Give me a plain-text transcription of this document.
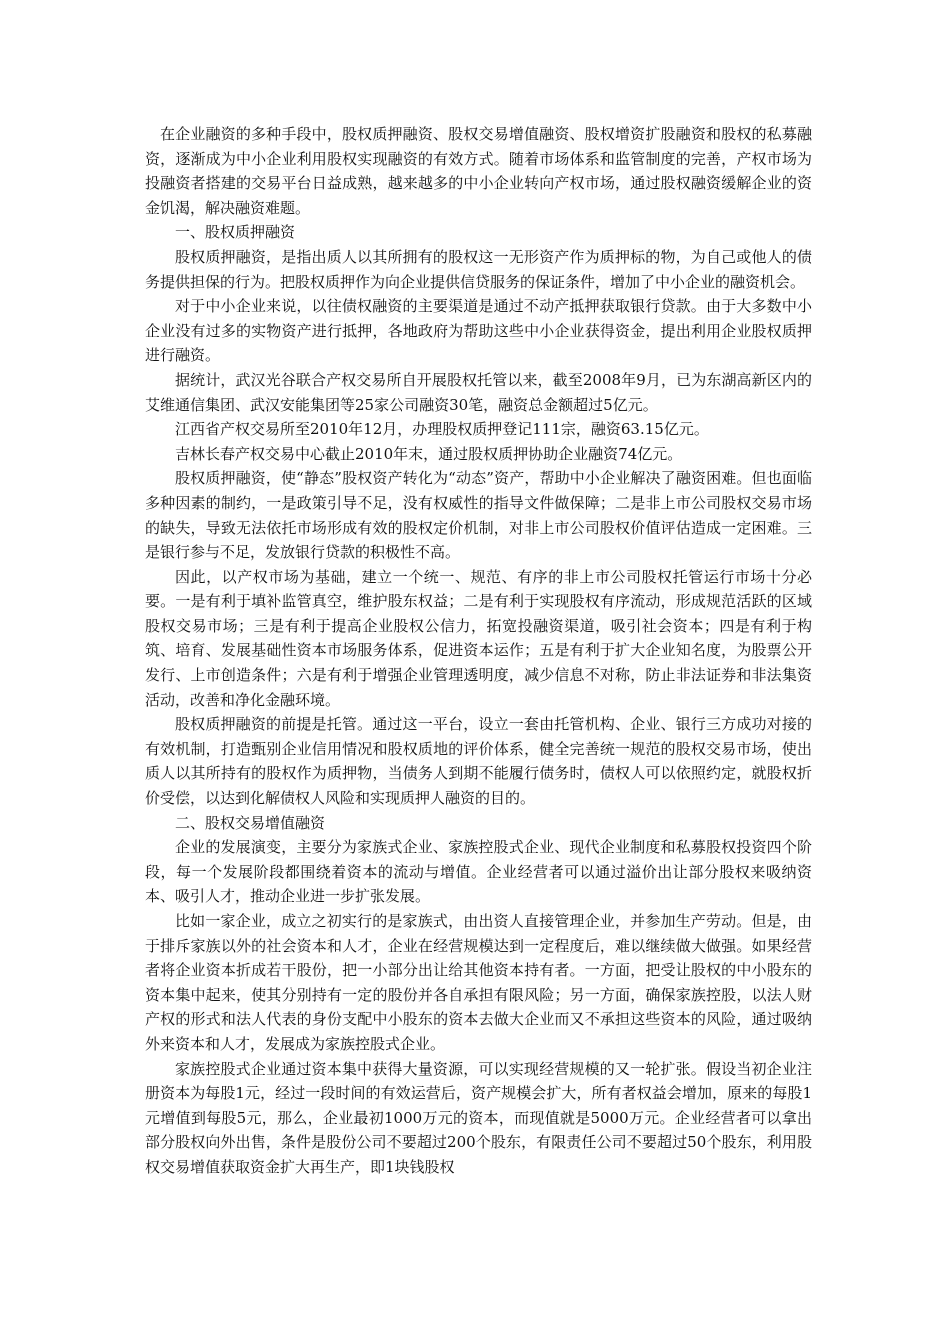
在企业融资的多种手段中，股权质押融资、股权交易增值融资、股权增资扩股融资和股权的私募融资，逐渐成为中小企业利用股权实现融资的有效方式。随着市场体系和监管制度的完善，产权市场为投融资者搭建的交易平台日益成熟，越来越多的中小企业转向产权市场，通过股权融资缓解企业的资金饥渴，解决融资难题。

一、股权质押融资

股权质押融资，是指出质人以其所拥有的股权这一无形资产作为质押标的物，为自己或他人的债务提供担保的行为。把股权质押作为向企业提供信贷服务的保证条件，增加了中小企业的融资机会。

对于中小企业来说，以往债权融资的主要渠道是通过不动产抵押获取银行贷款。由于大多数中小企业没有过多的实物资产进行抵押，各地政府为帮助这些中小企业获得资金，提出利用企业股权质押进行融资。

据统计，武汉光谷联合产权交易所自开展股权托管以来，截至2008年9月，已为东湖高新区内的艾维通信集团、武汉安能集团等25家公司融资30笔，融资总金额超过5亿元。

江西省产权交易所至2010年12月，办理股权质押登记111宗，融资63.15亿元。

吉林长春产权交易中心截止2010年末，通过股权质押协助企业融资74亿元。

股权质押融资，使“静态”股权资产转化为“动态”资产，帮助中小企业解决了融资困难。但也面临多种因素的制约，一是政策引导不足，没有权威性的指导文件做保障；二是非上市公司股权交易市场的缺失，导致无法依托市场形成有效的股权定价机制，对非上市公司股权价值评估造成一定困难。三是银行参与不足，发放银行贷款的积极性不高。

因此，以产权市场为基础，建立一个统一、规范、有序的非上市公司股权托管运行市场十分必要。一是有利于填补监管真空，维护股东权益；二是有利于实现股权有序流动，形成规范活跃的区域股权交易市场；三是有利于提高企业股权公信力，拓宽投融资渠道，吸引社会资本；四是有利于构筑、培育、发展基础性资本市场服务体系，促进资本运作；五是有利于扩大企业知名度，为股票公开发行、上市创造条件；六是有利于增强企业管理透明度，减少信息不对称，防止非法证券和非法集资活动，改善和净化金融环境。

股权质押融资的前提是托管。通过这一平台，设立一套由托管机构、企业、银行三方成功对接的有效机制，打造甄别企业信用情况和股权质地的评价体系，健全完善统一规范的股权交易市场，使出质人以其所持有的股权作为质押物，当债务人到期不能履行债务时，债权人可以依照约定，就股权折价受偿，以达到化解债权人风险和实现质押人融资的目的。

二、股权交易增值融资

企业的发展演变，主要分为家族式企业、家族控股式企业、现代企业制度和私募股权投资四个阶段，每一个发展阶段都围绕着资本的流动与增值。企业经营者可以通过溢价出让部分股权来吸纳资本、吸引人才，推动企业进一步扩张发展。

比如一家企业，成立之初实行的是家族式，由出资人直接管理企业，并参加生产劳动。但是，由于排斥家族以外的社会资本和人才，企业在经营规模达到一定程度后，难以继续做大做强。如果经营者将企业资本折成若干股份，把一小部分出让给其他资本持有者。一方面，把受让股权的中小股东的资本集中起来，使其分别持有一定的股份并各自承担有限风险；另一方面，确保家族控股，以法人财产权的形式和法人代表的身份支配中小股东的资本去做大企业而又不承担这些资本的风险，通过吸纳外来资本和人才，发展成为家族控股式企业。

家族控股式企业通过资本集中获得大量资源，可以实现经营规模的又一轮扩张。假设当初企业注册资本为每股1元，经过一段时间的有效运营后，资产规模会扩大，所有者权益会增加，原来的每股1元增值到每股5元，那么，企业最初1000万元的资本，而现值就是5000万元。企业经营者可以拿出部分股权向外出售，条件是股份公司不要超过200个股东，有限责任公司不要超过50个股东，利用股权交易增值获取资金扩大再生产，即1块钱股权
